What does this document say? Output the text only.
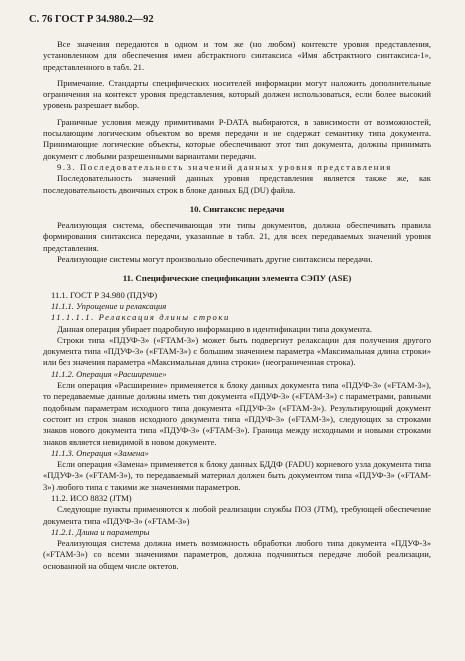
С. 76 ГОСТ Р 34.980.2—92

Все значения передаются в одном и том же (но любом) контексте уровня представления, установленном для обеспечения имен абстрактного синтаксиса «Имя абстрактного синтаксиса-1», представленного в табл. 21.

Примечание. Стандарты специфических носителей информации могут наложить дополнительные ограничения на контекст уровня представления, который должен использоваться, если более высокий уровень разрешает выбор.

Граничные условия между примитивами P-DATA выбираются, в зависимости от возможностей, посылающим логическим объектом во время передачи и не содержат семантику типа документа. Принимающие логические объекты, которые обеспечивают этот тип документа, должны принимать документ с любыми разрешенными вариантами передачи.

9.3. Последовательность значений данных уровня представления

Последовательность значений данных уровня представления является также же, как последовательность двоичных строк в блоке данных БД (DU) файла.

10. Синтаксис передачи

Реализующая система, обеспечивающая эти типы документов, должна обеспечивать правила формирования синтаксиса передачи, указанные в табл. 21, для всех передаваемых значений уровня представления.

Реализующие системы могут произвольно обеспечивать другие синтаксисы передачи.

11. Специфические спецификации элемента СЭПУ (ASE)

11.1. ГОСТ Р 34.980 (ПДУФ)

11.1.1. Упрощение и релаксация

11.1.1.1. Релаксация длины строки

Данная операция убирает подробную информацию в идентификации типа документа.

Строки типа «ПДУФ-3» («FTAM-3») может быть подвергнут релаксации для получения другого документа типа «ПДУФ-3» («FTAM-3») с большим значением параметра «Максимальная длина строки» или без значения параметра «Максимальная длина строки» (неограниченная строка).

11.1.2. Операция «Расширение»

Если операция «Расширение» применяется к блоку данных документа типа «ПДУФ-3» («FTAM-3»), то передаваемые данные должны иметь тип документа «ПДУФ-3» («FTAM-3») с параметрами, равными подобным параметрам исходного типа документа «ПДУФ-3» («FTAM-3»). Результирующий документ состоит из строк знаков исходного документа типа «ПДУФ-3» («FTAM-3»), следующих за строками знаков нового документа типа «ПДУФ-3» («FTAM-3»). Граница между исходными и новыми строками знаков является невидимой в новом документе.

11.1.3. Операция «Замена»

Если операция «Замена» применяется к блоку данных БДДФ (FADU) корневого узла документа типа «ПДУФ-3» («FTAM-3»), то передаваемый материал должен быть документом типа «ПДУФ-3» («FTAM-3») любого типа с такими же значениями параметров.

11.2. ИСО 8832 (JTM)

Следующие пункты применяются к любой реализации службы ПОЗ (JTM), требующей обеспечение документа типа «ПДУФ-3» («FTAM-3»)

11.2.1. Длина и параметры

Реализующая система должна иметь возможность обработки любого типа документа «ПДУФ-3» («FTAM-3») со всеми значениями параметров, должна подчиняться передаче любой реализации, основанной на общем числе октетов.
